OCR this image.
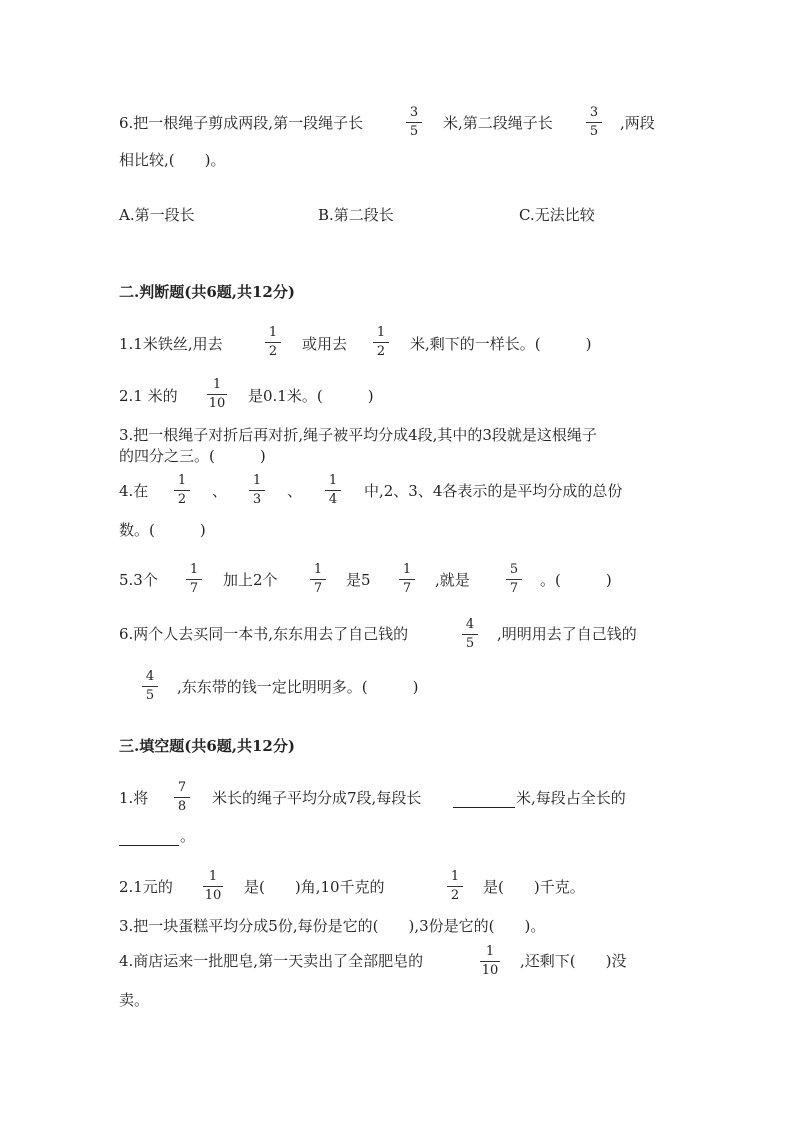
6.把一根绳子剪成两段,第一段绳子长
3
5	米,第二段绳子长
3
5	,两段
相比较,(　　)。
A.第一段长	B.第二段长	C.无法比较
二.判断题(共6题,共12分)
1.1米铁丝,用去
1
2	或用去
1
2	米,剩下的一样长。(　　　)
2.1 米的
1
10	是0.1米。(　　　)
3.把一根绳子对折后再对折,绳子被平均分成4段,其中的3段就是这根绳子
的四分之三。(　　　)
4.在
1
2	、
1
3	、
1
4	中,2、3、4各表示的是平均分成的总份
数。(　　　)
5.3个
1
7	加上2个
1
7	是5
1
7	,就是
5
7	。(　　　)
6.两个人去买同一本书,东东用去了自己钱的
4
5
,明明用去了自己钱的
4
5	,东东带的钱一定比明明多。(　　　)
三.填空题(共6题,共12分)
1.将
7
8	米长的绳子平均分成7段,每段长	米,每段占全长的
。
2.1元的
1
10	是(　　)角,10千克的
1
2	是(　　)千克。
3.把一块蛋糕平均分成5份,每份是它的(　　),3份是它的(　　)。
4.商店运来一批肥皂,第一天卖出了全部肥皂的
1
10
,还剩下(　　)没
卖。
